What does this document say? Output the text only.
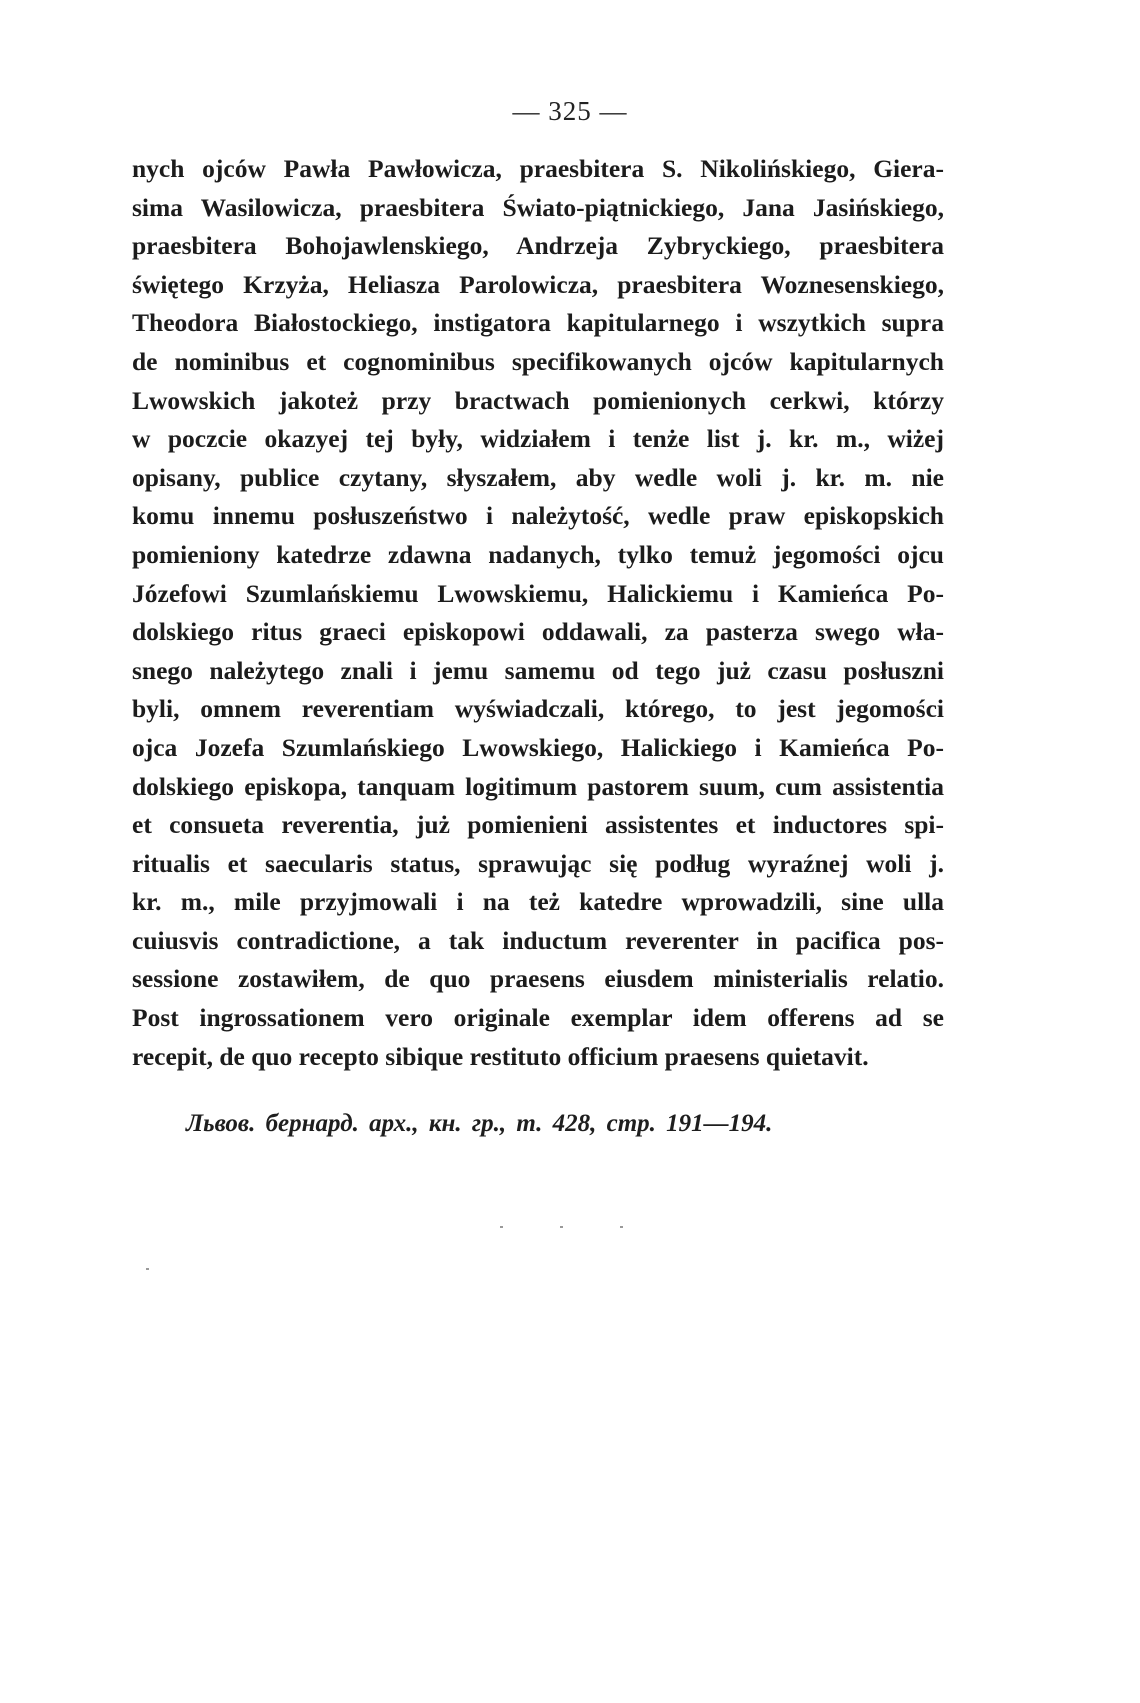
— 325 —
nych ojców Pawła Pawłowicza, praesbitera S. Nikolińskiego, Giera-
sima Wasilowicza, praesbitera Świato-piątnickiego, Jana Jasińskiego,
praesbitera Bohojawlenskiego, Andrzeja Zybryckiego, praesbitera
świętego Krzyża, Heliasza Parolowicza, praesbitera Woznesenskiego,
Theodora Białostockiego, instigatora kapitularnego i wszytkich supra
de nominibus et cognominibus specifikowanych ojców kapitularnych
Lwowskich jakoteż przy bractwach pomienionych cerkwi, którzy
w poczcie okazyej tej były, widziałem i tenże list j. kr. m., wiżej
opisany, publice czytany, słyszałem, aby wedle woli j. kr. m. nie
komu innemu posłuszeństwo i należytość, wedle praw episkopskich
pomieniony katedrze zdawna nadanych, tylko temuż jegomości ojcu
Józefowi Szumlańskiemu Lwowskiemu, Halickiemu i Kamieńca Po-
dolskiego ritus graeci episkopowi oddawali, za pasterza swego wła-
snego należytego znali i jemu samemu od tego już czasu posłuszni
byli, omnem reverentiam wyświadczali, którego, to jest jegomości
ojca Jozefa Szumlańskiego Lwowskiego, Halickiego i Kamieńca Po-
dolskiego episkopa, tanquam logitimum pastorem suum, cum assistentia
et consueta reverentia, już pomienieni assistentes et inductores spi-
ritualis et saecularis status, sprawując się podług wyraźnej woli j.
kr. m., mile przyjmowali i na też katedre wprowadzili, sine ulla
cuiusvis contradictione, a tak inductum reverenter in pacifica pos-
sessione zostawiłem, de quo praesens eiusdem ministerialis relatio.
Post ingrossationem vero originale exemplar idem offerens ad se
recepit, de quo recepto sibique restituto officium praesens quietavit.
Львов. бернард. арх., кн. гр., т. 428, стр. 191—194.
